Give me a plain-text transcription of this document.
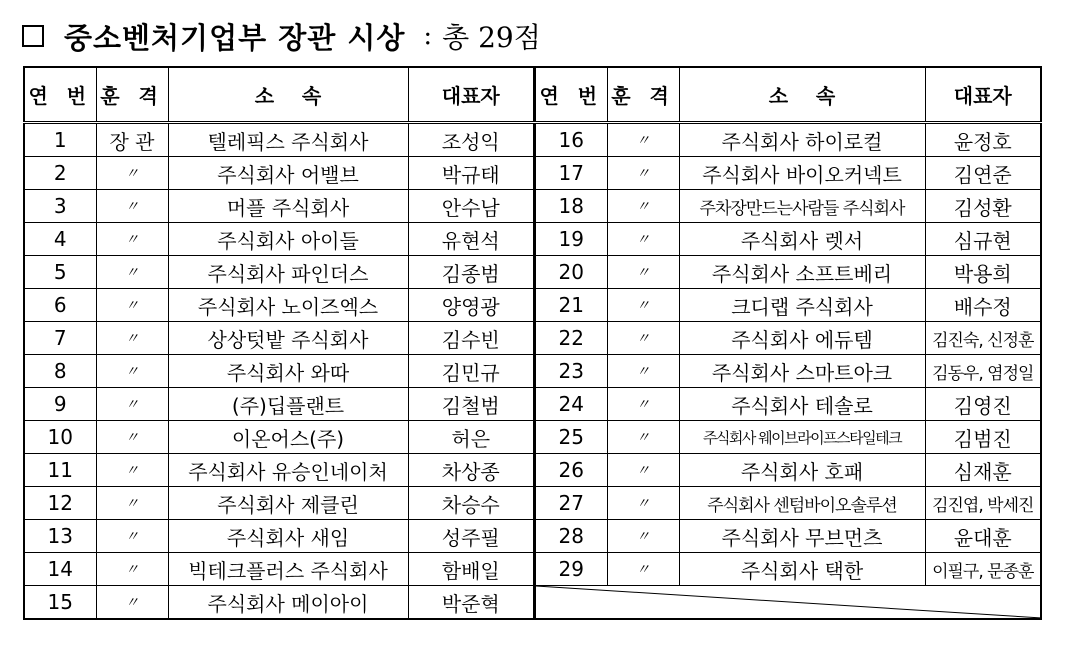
중소벤처기업부 장관 시상 : 총 29점
연 번	훈 격	소    속	대표자
1	장 관	텔레픽스 주식회사	조성익
2	〃	주식회사 어밸브	박규태
3	〃	머플 주식회사	안수남
4	〃	주식회사 아이들	유현석
5	〃	주식회사 파인더스	김종범
6	〃	주식회사 노이즈엑스	양영광
7	〃	상상텃밭 주식회사	김수빈
8	〃	주식회사 와따	김민규
9	〃	(주)딥플랜트	김철범
10	〃	이온어스(주)	허은
11	〃	주식회사 유승인네이처	차상종
12	〃	주식회사 제클린	차승수
13	〃	주식회사 새임	성주필
14	〃	빅테크플러스 주식회사	함배일
15	〃	주식회사 메이아이	박준혁
연 번	훈 격	소    속	대표자
16	〃	주식회사 하이로컬	윤정호
17	〃	주식회사 바이오커넥트	김연준
18	〃	주차장만드는사람들 주식회사	김성환
19	〃	주식회사 렛서	심규현
20	〃	주식회사 소프트베리	박용희
21	〃	크디랩 주식회사	배수정
22	〃	주식회사 에듀템	김진숙, 신정훈
23	〃	주식회사 스마트아크	김동우, 염정일
24	〃	주식회사 테솔로	김영진
25	〃	주식회사 웨이브라이프스타일테크	김범진
26	〃	주식회사 호패	심재훈
27	〃	주식회사 센텀바이오솔루션	김진엽, 박세진
28	〃	주식회사 무브먼츠	윤대훈
29	〃	주식회사 택한	이필구, 문종훈
